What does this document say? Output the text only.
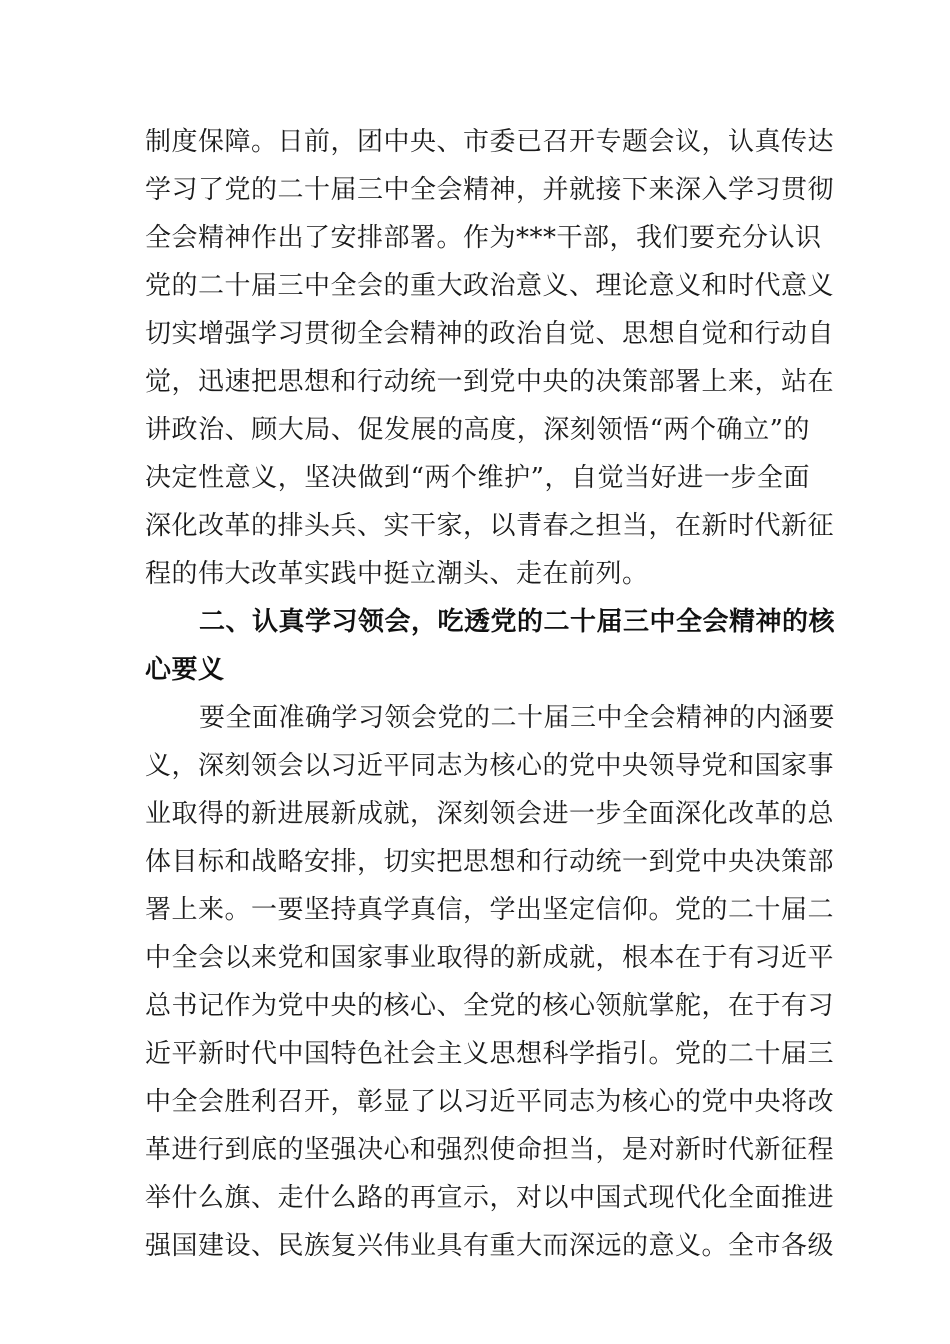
制度保障。日前，团中央、市委已召开专题会议，认真传达
学习了党的二十届三中全会精神，并就接下来深入学习贯彻
全会精神作出了安排部署。作为***干部，我们要充分认识
党的二十届三中全会的重大政治意义、理论意义和时代意义
切实增强学习贯彻全会精神的政治自觉、思想自觉和行动自
觉，迅速把思想和行动统一到党中央的决策部署上来，站在
讲政治、顾大局、促发展的高度，深刻领悟“两个确立”的
决定性意义，坚决做到“两个维护”，自觉当好进一步全面
深化改革的排头兵、实干家，以青春之担当，在新时代新征
程的伟大改革实践中挺立潮头、走在前列。
二、认真学习领会，吃透党的二十届三中全会精神的核
心要义
要全面准确学习领会党的二十届三中全会精神的内涵要
义，深刻领会以习近平同志为核心的党中央领导党和国家事
业取得的新进展新成就，深刻领会进一步全面深化改革的总
体目标和战略安排，切实把思想和行动统一到党中央决策部
署上来。一要坚持真学真信，学出坚定信仰。党的二十届二
中全会以来党和国家事业取得的新成就，根本在于有习近平
总书记作为党中央的核心、全党的核心领航掌舵，在于有习
近平新时代中国特色社会主义思想科学指引。党的二十届三
中全会胜利召开，彰显了以习近平同志为核心的党中央将改
革进行到底的坚强决心和强烈使命担当，是对新时代新征程
举什么旗、走什么路的再宣示，对以中国式现代化全面推进
强国建设、民族复兴伟业具有重大而深远的意义。全市各级
